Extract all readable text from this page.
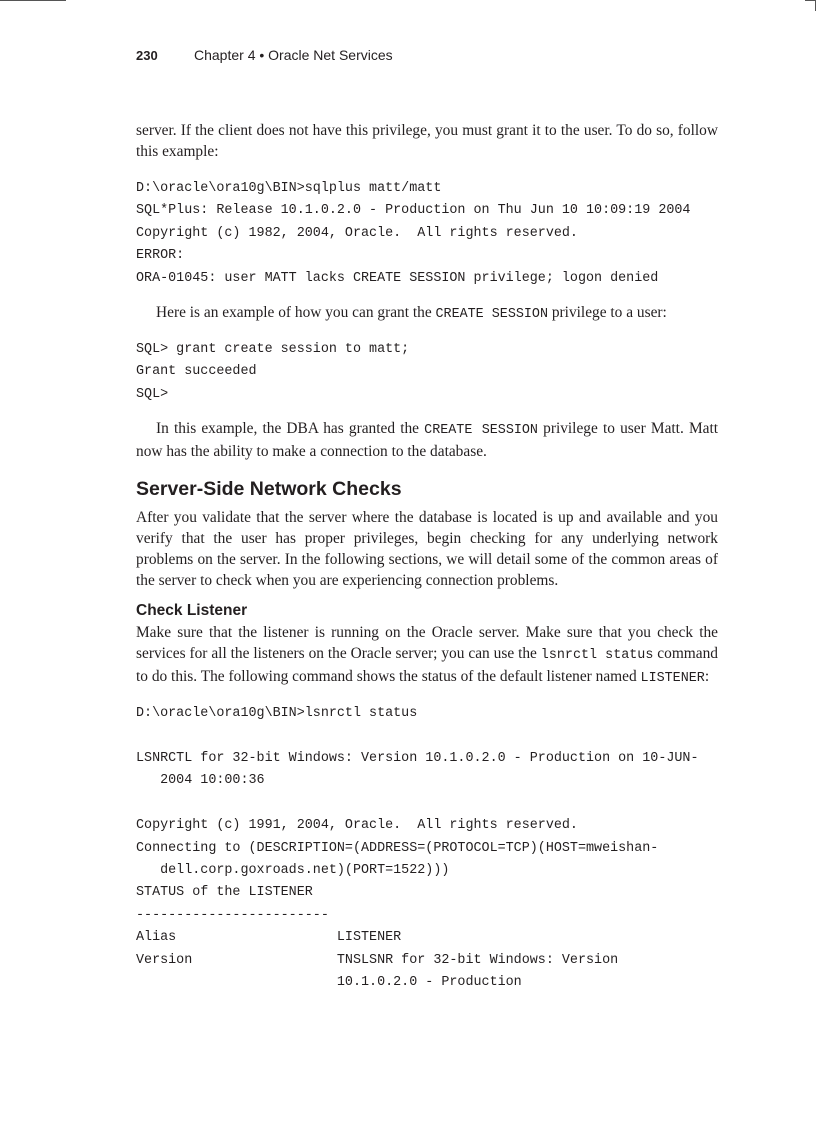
230	Chapter 4 • Oracle Net Services

server. If the client does not have this privilege, you must grant it to the user. To do so, follow this example:

D:\oracle\ora10g\BIN>sqlplus matt/matt
SQL*Plus: Release 10.1.0.2.0 - Production on Thu Jun 10 10:09:19 2004
Copyright (c) 1982, 2004, Oracle.  All rights reserved.
ERROR:
ORA-01045: user MATT lacks CREATE SESSION privilege; logon denied

Here is an example of how you can grant the CREATE SESSION privilege to a user:

SQL> grant create session to matt;
Grant succeeded
SQL>

In this example, the DBA has granted the CREATE SESSION privilege to user Matt. Matt now has the ability to make a connection to the database.

Server-Side Network Checks

After you validate that the server where the database is located is up and available and you verify that the user has proper privileges, begin checking for any underlying network problems on the server. In the following sections, we will detail some of the common areas of the server to check when you are experiencing connection problems.

Check Listener

Make sure that the listener is running on the Oracle server. Make sure that you check the services for all the listeners on the Oracle server; you can use the lsnrctl status command to do this. The following command shows the status of the default listener named LISTENER:

D:\oracle\ora10g\BIN>lsnrctl status
LSNRCTL for 32-bit Windows: Version 10.1.0.2.0 - Production on 10-JUN-
2004 10:00:36
Copyright (c) 1991, 2004, Oracle.  All rights reserved.
Connecting to (DESCRIPTION=(ADDRESS=(PROTOCOL=TCP)(HOST=mweishan-
dell.corp.goxroads.net)(PORT=1522)))
STATUS of the LISTENER
------------------------
Alias                    LISTENER
Version                  TNSLSNR for 32-bit Windows: Version
10.1.0.2.0 - Production
